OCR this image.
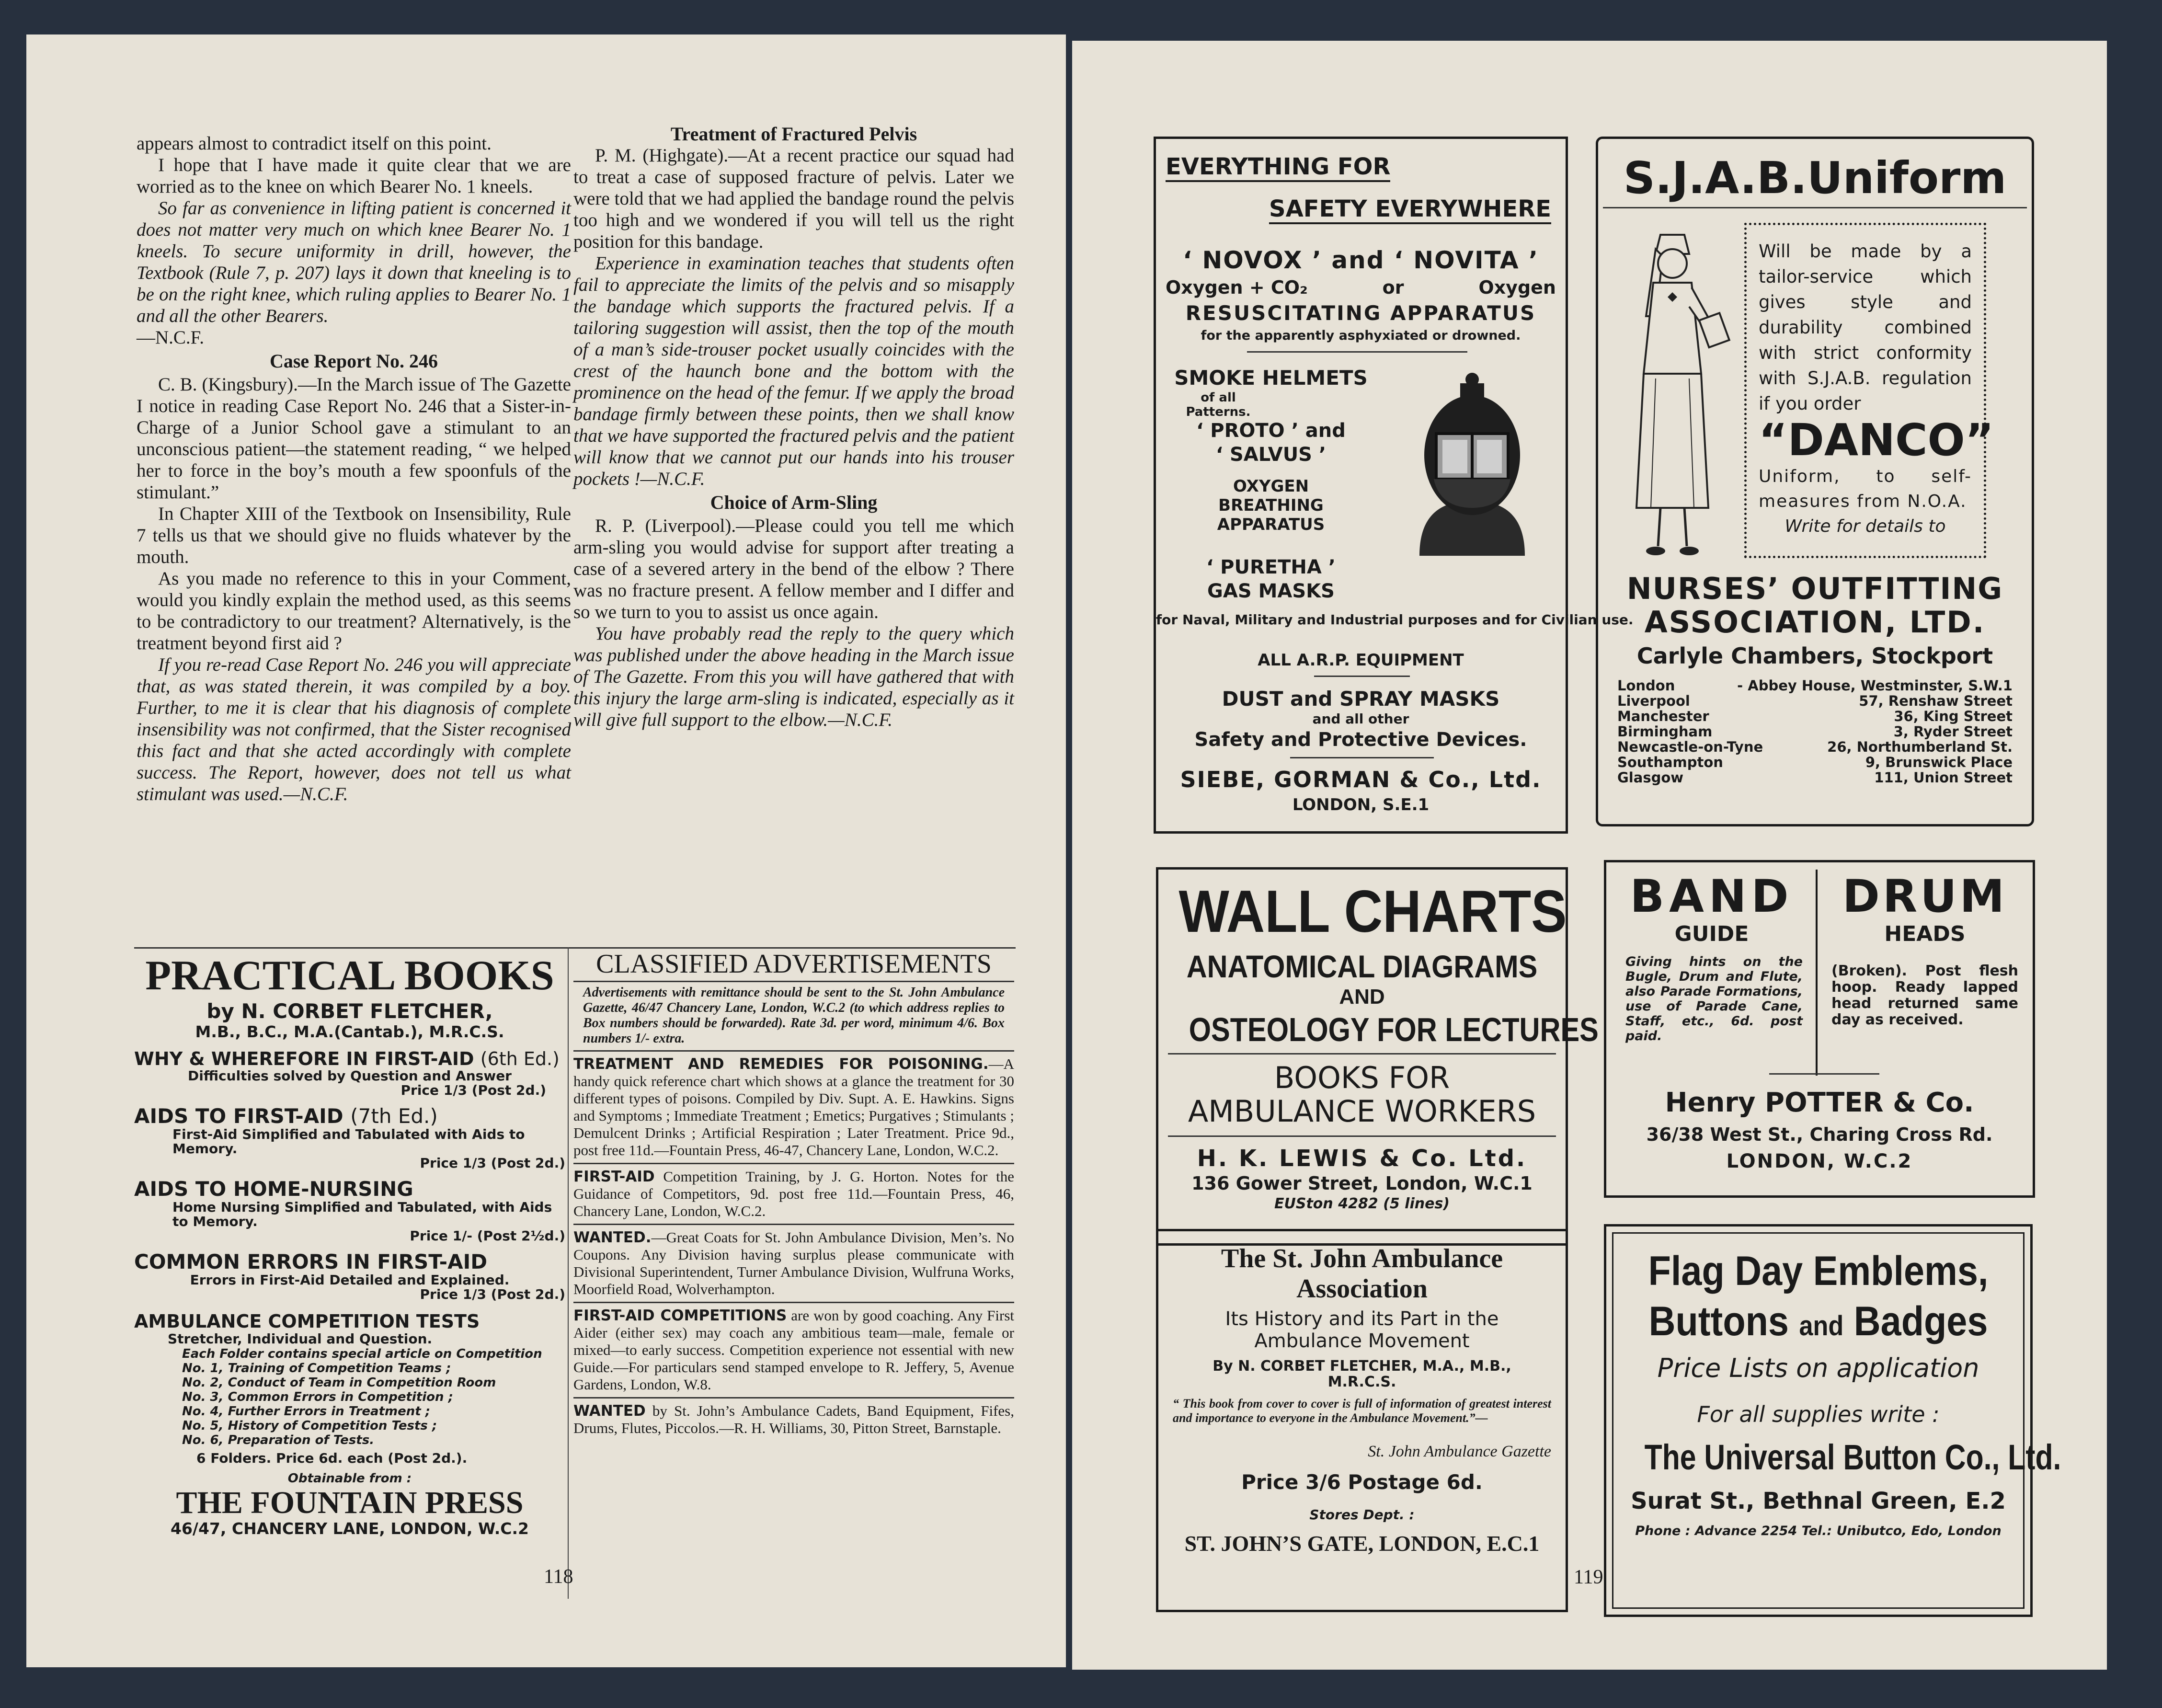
appears almost to contradict itself on this point.

I hope that I have made it quite clear that we are worried as to the knee on which Bearer No. 1 kneels.

So far as convenience in lifting patient is concerned it does not matter very much on which knee Bearer No. 1 kneels. To secure uniformity in drill, however, the Textbook (Rule 7, p. 207) lays it down that kneeling is to be on the right knee, which ruling applies to Bearer No. 1 and all the other Bearers.

—N.C.F.

Case Report No. 246

C. B. (Kingsbury).—In the March issue of The Gazette I notice in reading Case Report No. 246 that a Sister-in-Charge of a Junior School gave a stimulant to an unconscious patient—the statement reading, “ we helped her to force in the boy’s mouth a few spoonfuls of the stimulant.”

In Chapter XIII of the Textbook on Insensibility, Rule 7 tells us that we should give no fluids whatever by the mouth.

As you made no reference to this in your Comment, would you kindly explain the method used, as this seems to be contradictory to our treatment? Alternatively, is the treatment beyond first aid ?

If you re-read Case Report No. 246 you will appreciate that, as was stated therein, it was compiled by a boy. Further, to me it is clear that his diagnosis of complete insensibility was not confirmed, that the Sister recognised this fact and that she acted accordingly with complete success. The Report, however, does not tell us what stimulant was used.—N.C.F.

Treatment of Fractured Pelvis

P. M. (Highgate).—At a recent practice our squad had to treat a case of supposed fracture of pelvis. Later we were told that we had applied the bandage round the pelvis too high and we wondered if you will tell us the right position for this bandage.

Experience in examination teaches that students often fail to appreciate the limits of the pelvis and so misapply the bandage which supports the fractured pelvis. If a tailoring suggestion will assist, then the top of the mouth of a man’s side-trouser pocket usually coincides with the crest of the haunch bone and the bottom with the prominence on the head of the femur. If we apply the broad bandage firmly between these points, then we shall know that we have supported the fractured pelvis and the patient will know that we cannot put our hands into his trouser pockets !—N.C.F.

Choice of Arm-Sling

R. P. (Liverpool).—Please could you tell me which arm-sling you would advise for support after treating a case of a severed artery in the bend of the elbow ? There was no fracture present. A fellow member and I differ and so we turn to you to assist us once again.

You have probably read the reply to the query which was published under the above heading in the March issue of The Gazette. From this you will have gathered that with this injury the large arm-sling is indicated, especially as it will give full support to the elbow.—N.C.F.

PRACTICAL BOOKS
by N. CORBET FLETCHER,
M.B., B.C., M.A.(Cantab.), M.R.C.S.
WHY & WHEREFORE IN FIRST-AID (6th Ed.)
Difficulties solved by Question and Answer
Price 1/3 (Post 2d.)
AIDS TO FIRST-AID (7th Ed.)
First-Aid Simplified and Tabulated with Aids to Memory.
Price 1/3 (Post 2d.)
AIDS TO HOME-NURSING
Home Nursing Simplified and Tabulated, with Aids to Memory.
Price 1/- (Post 2½d.)
COMMON ERRORS IN FIRST-AID
Errors in First-Aid Detailed and Explained.
Price 1/3 (Post 2d.)
AMBULANCE COMPETITION TESTS
Stretcher, Individual and Question.
Each Folder contains special article on Competition
No. 1, Training of Competition Teams ;
No. 2, Conduct of Team in Competition Room
No. 3, Common Errors in Competition ;
No. 4, Further Errors in Treatment ;
No. 5, History of Competition Tests ;
No. 6, Preparation of Tests.
6 Folders. Price 6d. each (Post 2d.).
Obtainable from :
THE FOUNTAIN PRESS
46/47, CHANCERY LANE, LONDON, W.C.2
CLASSIFIED ADVERTISEMENTS

Advertisements with remittance should be sent to the St. John Ambulance Gazette, 46/47 Chancery Lane, London, W.C.2 (to which address replies to Box numbers should be forwarded). Rate 3d. per word, minimum 4/6. Box numbers 1/- extra.

TREATMENT AND REMEDIES FOR POISONING.—A handy quick reference chart which shows at a glance the treatment for 30 different types of poisons. Compiled by Div. Supt. A. E. Hawkins. Signs and Symptoms ; Immediate Treatment ; Emetics; Purgatives ; Stimulants ; Demulcent Drinks ; Artificial Respiration ; Later Treatment. Price 9d., post free 11d.—Fountain Press, 46-47, Chancery Lane, London, W.C.2.

FIRST-AID Competition Training, by J. G. Horton. Notes for the Guidance of Competitors, 9d. post free 11d.—Fountain Press, 46, Chancery Lane, London, W.C.2.

WANTED.—Great Coats for St. John Ambulance Division, Men’s. No Coupons. Any Division having surplus please communicate with Divisional Superintendent, Turner Ambulance Division, Wulfruna Works, Moorfield Road, Wolverhampton.

FIRST-AID COMPETITIONS are won by good coaching. Any First Aider (either sex) may coach any ambitious team—male, female or mixed—to early success. Competition experience not essential with new Guide.—For particulars send stamped envelope to R. Jeffery, 5, Avenue Gardens, London, W.8.

WANTED by St. John’s Ambulance Cadets, Band Equipment, Fifes, Drums, Flutes, Piccolos.—R. H. Williams, 30, Pitton Street, Barnstaple.

118
EVERYTHING FOR
SAFETY EVERYWHERE
‘ NOVOX ’ and ‘ NOVITA ’
Oxygen + CO₂	or	Oxygen
RESUSCITATING APPARATUS
for the apparently asphyxiated or drowned.
SMOKE HELMETS
of all Patterns.
‘ PROTO ’ and
‘ SALVUS ’
OXYGEN
BREATHING
APPARATUS
‘ PURETHA ’
GAS MASKS
for Naval, Military and Industrial purposes and for Civilian use.
ALL A.R.P. EQUIPMENT
DUST and SPRAY MASKS
and all other
Safety and Protective Devices.
SIEBE, GORMAN & Co., Ltd.
LONDON, S.E.1
S.J.A.B.Uniform
Will be made by a tailor-service which gives style and durability combined with strict conformity with S.J.A.B. regulation if you order
“DANCO”
Uniform, to self-measures from N.O.A.
Write for details to
NURSES’ OUTFITTING
ASSOCIATION, LTD.
Carlyle Chambers, Stockport
London	- Abbey House, Westminster, S.W.1
Liverpool	57, Renshaw Street
Manchester	36, King Street
Birmingham	3, Ryder Street
Newcastle-on-Tyne	26, Northumberland St.
Southampton	9, Brunswick Place
Glasgow	111, Union Street
WALL CHARTS
ANATOMICAL DIAGRAMS
AND
OSTEOLOGY FOR LECTURES
BOOKS FOR
AMBULANCE WORKERS
H. K. LEWIS & Co. Ltd.
136 Gower Street, London, W.C.1
EUSton 4282 (5 lines)
BAND
GUIDE
Giving hints on the Bugle, Drum and Flute, also Parade Formations, use of Parade Cane, Staff, etc., 6d. post paid.
DRUM
HEADS
(Broken). Post flesh hoop. Ready lapped head returned same day as received.
Henry POTTER & Co.
36/38 West St., Charing Cross Rd.
LONDON, W.C.2
The St. John Ambulance
Association
Its History and its Part in the
Ambulance Movement
By N. CORBET FLETCHER, M.A., M.B.,
M.R.C.S.
“ This book from cover to cover is full of information of greatest interest and importance to everyone in the Ambulance Movement.”—
St. John Ambulance Gazette
Price 3/6 Postage 6d.
Stores Dept. :
ST. JOHN’S GATE, LONDON, E.C.1
Flag Day Emblems,
Buttons and Badges
Price Lists on application
For all supplies write :
The Universal Button Co., Ltd.
Surat St., Bethnal Green, E.2
Phone : Advance 2254 Tel.: Unibutco, Edo, London
119
